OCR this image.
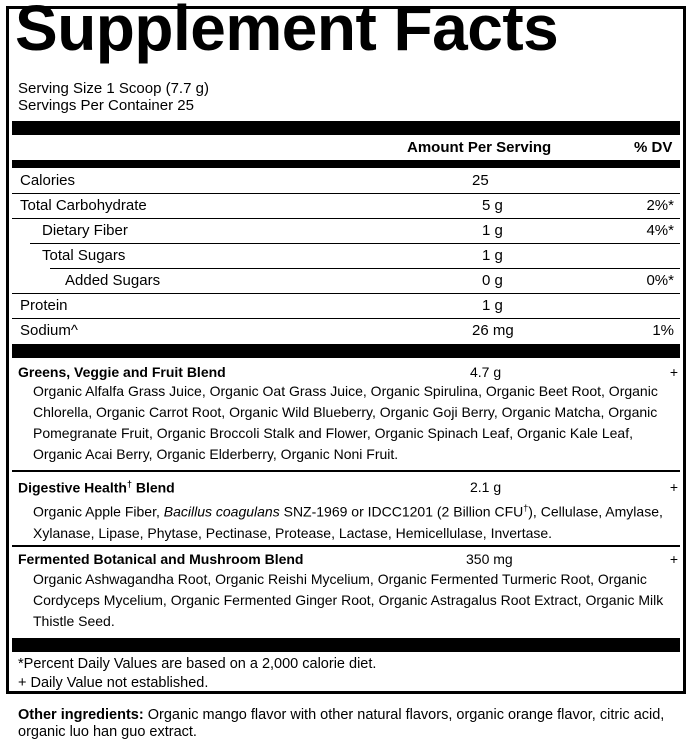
Supplement Facts
Serving Size 1 Scoop (7.7 g)
Servings Per Container 25
Amount Per Serving	% DV
Calories	25
Total Carbohydrate	5 g	2%*
Dietary Fiber	1 g	4%*
Total Sugars	1 g
Added Sugars	0 g	0%*
Protein	1 g
Sodium^	26 mg	1%
Greens, Veggie and Fruit Blend	4.7 g	+
Organic Alfalfa Grass Juice, Organic Oat Grass Juice, Organic Spirulina, Organic Beet Root, Organic Chlorella, Organic Carrot Root, Organic Wild Blueberry, Organic Goji Berry, Organic Matcha, Organic Pomegranate Fruit, Organic Broccoli Stalk and Flower, Organic Spinach Leaf, Organic Kale Leaf, Organic Acai Berry, Organic Elderberry, Organic Noni Fruit.
Digestive Health† Blend	2.1 g	+
Organic Apple Fiber, Bacillus coagulans SNZ-1969 or IDCC1201 (2 Billion CFU†), Cellulase, Amylase, Xylanase, Lipase, Phytase, Pectinase, Protease, Lactase, Hemicellulase, Invertase.
Fermented Botanical and Mushroom Blend	350 mg	+
Organic Ashwagandha Root, Organic Reishi Mycelium, Organic Fermented Turmeric Root, Organic Cordyceps Mycelium, Organic Fermented Ginger Root, Organic Astragalus Root Extract, Organic Milk Thistle Seed.
*Percent Daily Values are based on a 2,000 calorie diet.
+ Daily Value not established.
Other ingredients: Organic mango flavor with other natural flavors, organic orange flavor, citric acid, organic luo han guo extract.
